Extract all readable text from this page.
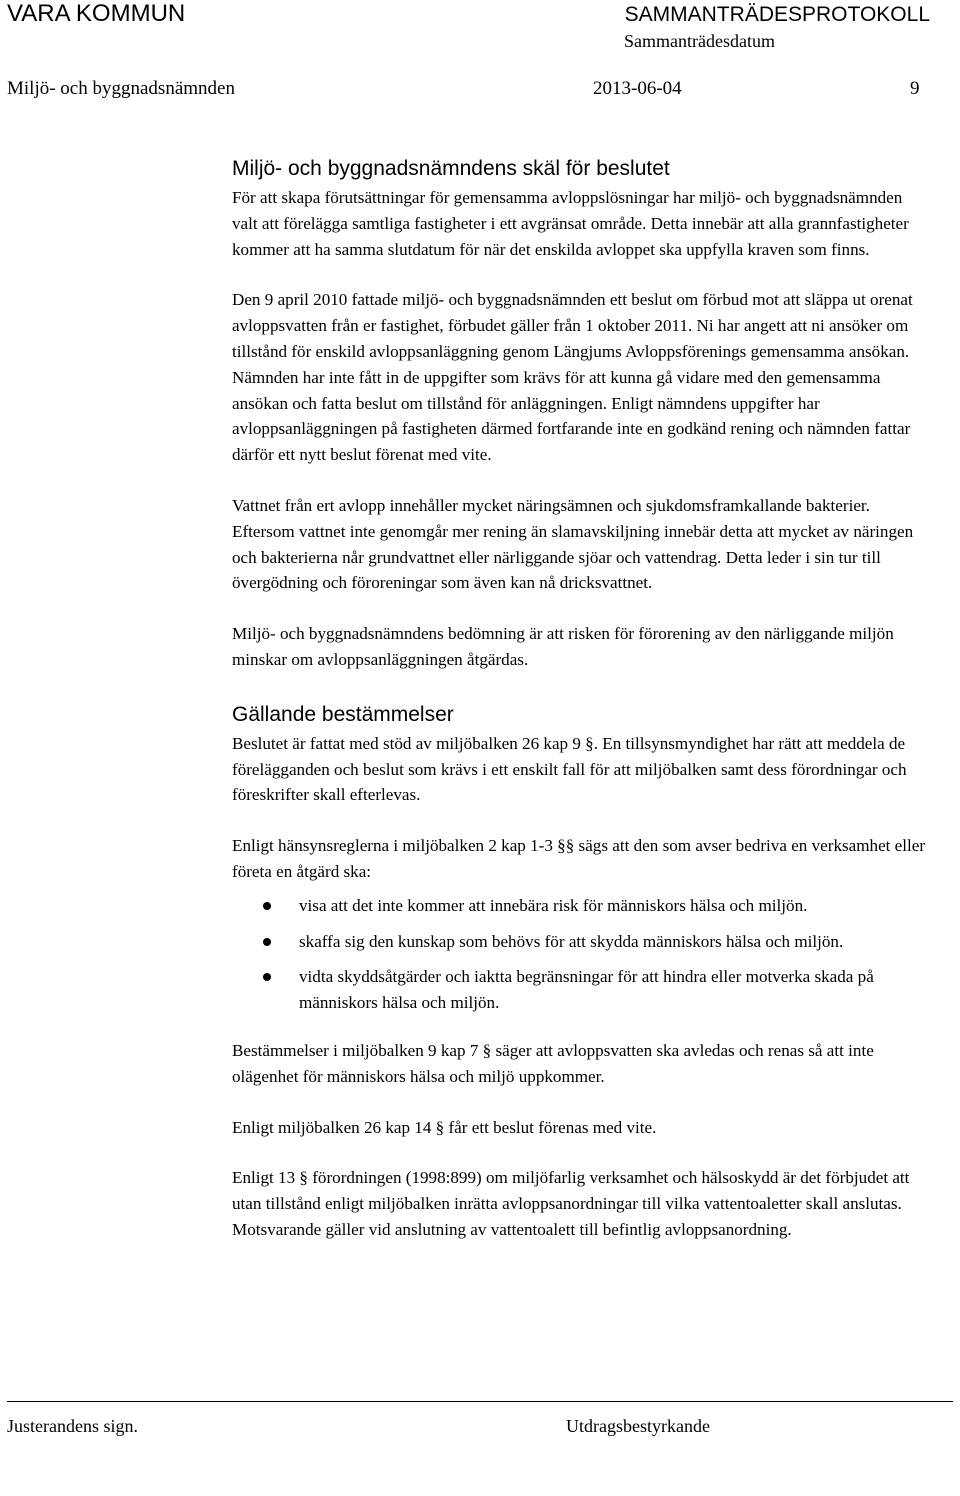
VARA KOMMUN	SAMMANTRÄDESPROTOKOLL
Sammanträdesdatum
Miljö- och byggnadsnämnden	2013-06-04	9
Miljö- och byggnadsnämndens skäl för beslutet

För att skapa förutsättningar för gemensamma avloppslösningar har miljö- och byggnadsnämnden valt att förelägga samtliga fastigheter i ett avgränsat område. Detta innebär att alla grannfastigheter kommer att ha samma slutdatum för när det enskilda avloppet ska uppfylla kraven som finns.

Den 9 april 2010 fattade miljö- och byggnadsnämnden ett beslut om förbud mot att släppa ut orenat avloppsvatten från er fastighet, förbudet gäller från 1 oktober 2011. Ni har angett att ni ansöker om tillstånd för enskild avloppsanläggning genom Längjums Avloppsförenings gemensamma ansökan. Nämnden har inte fått in de uppgifter som krävs för att kunna gå vidare med den gemensamma ansökan och fatta beslut om tillstånd för anläggningen. Enligt nämndens uppgifter har avloppsanläggningen på fastigheten därmed fortfarande inte en godkänd rening och nämnden fattar därför ett nytt beslut förenat med vite.

Vattnet från ert avlopp innehåller mycket näringsämnen och sjukdomsframkallande bakterier. Eftersom vattnet inte genomgår mer rening än slamavskiljning innebär detta att mycket av näringen och bakterierna når grundvattnet eller närliggande sjöar och vattendrag. Detta leder i sin tur till övergödning och föroreningar som även kan nå dricksvattnet.

Miljö- och byggnadsnämndens bedömning är att risken för förorening av den närliggande miljön minskar om avloppsanläggningen åtgärdas.

Gällande bestämmelser

Beslutet är fattat med stöd av miljöbalken 26 kap 9 §. En tillsynsmyndighet har rätt att meddela de förelägganden och beslut som krävs i ett enskilt fall för att miljöbalken samt dess förordningar och föreskrifter skall efterlevas.

Enligt hänsynsreglerna i miljöbalken 2 kap 1-3 §§ sägs att den som avser bedriva en verksamhet eller företa en åtgärd ska:

visa att det inte kommer att innebära risk för människors hälsa och miljön.
skaffa sig den kunskap som behövs för att skydda människors hälsa och miljön.
vidta skyddsåtgärder och iaktta begränsningar för att hindra eller motverka skada på människors hälsa och miljön.

Bestämmelser i miljöbalken 9 kap 7 § säger att avloppsvatten ska avledas och renas så att inte olägenhet för människors hälsa och miljö uppkommer.

Enligt miljöbalken 26 kap 14 § får ett beslut förenas med vite.

Enligt 13 § förordningen (1998:899) om miljöfarlig verksamhet och hälsoskydd är det förbjudet att utan tillstånd enligt miljöbalken inrätta avloppsanordningar till vilka vattentoaletter skall anslutas. Motsvarande gäller vid anslutning av vattentoalett till befintlig avloppsanordning.

Justerandens sign.	Utdragsbestyrkande
